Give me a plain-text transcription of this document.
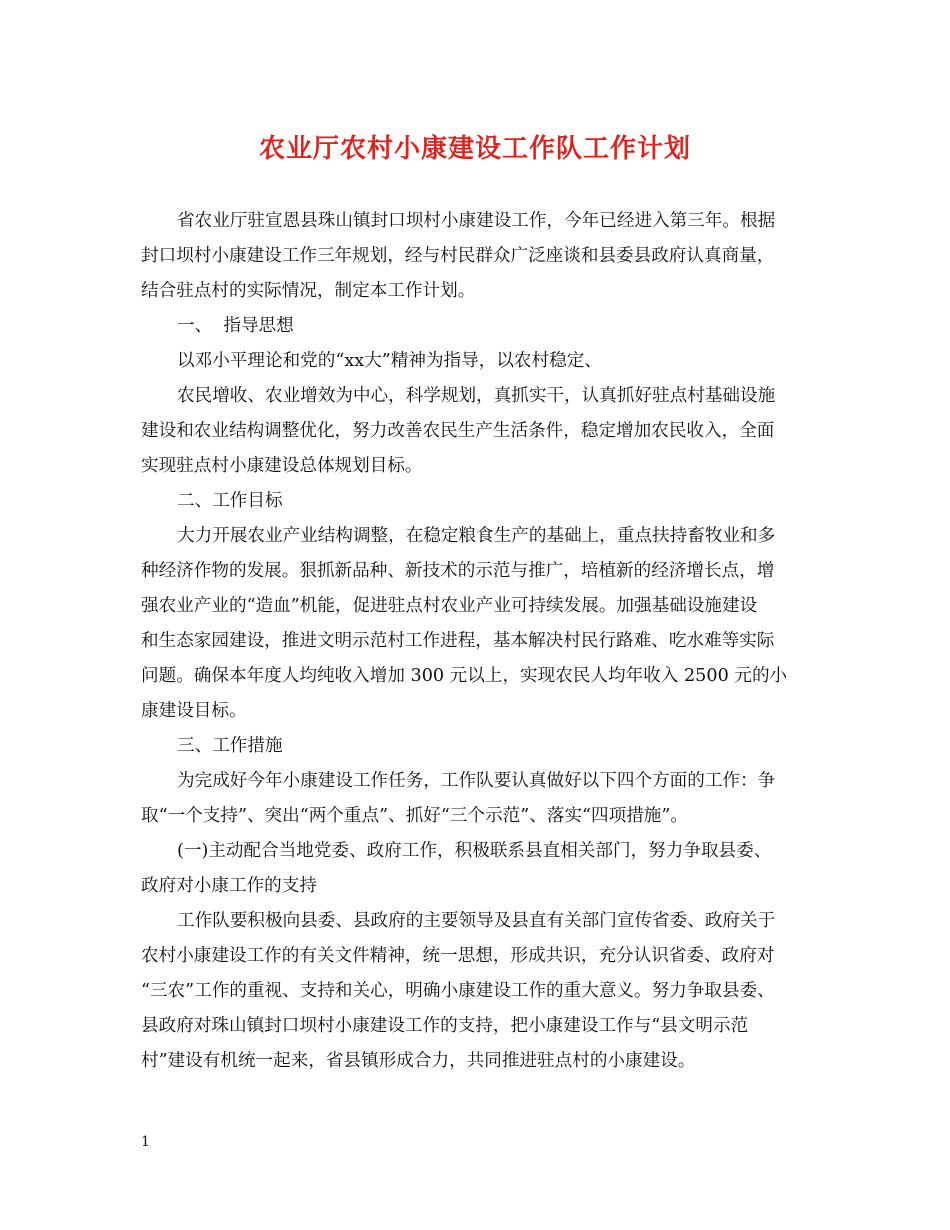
农业厅农村小康建设工作队工作计划
省农业厅驻宣恩县珠山镇封口坝村小康建设工作，今年已经进入第三年。根据
封口坝村小康建设工作三年规划，经与村民群众广泛座谈和县委县政府认真商量，
结合驻点村的实际情况，制定本工作计划。
一、  指导思想
以邓小平理论和党的“xx大”精神为指导，以农村稳定、
农民增收、农业增效为中心，科学规划，真抓实干，认真抓好驻点村基础设施
建设和农业结构调整优化，努力改善农民生产生活条件，稳定增加农民收入，全面
实现驻点村小康建设总体规划目标。
二、工作目标
大力开展农业产业结构调整，在稳定粮食生产的基础上，重点扶持畜牧业和多
种经济作物的发展。狠抓新品种、新技术的示范与推广，培植新的经济增长点，增
强农业产业的“造血”机能，促进驻点村农业产业可持续发展。加强基础设施建设
和生态家园建设，推进文明示范村工作进程，基本解决村民行路难、吃水难等实际
问题。确保本年度人均纯收入增加 300 元以上，实现农民人均年收入 2500 元的小
康建设目标。
三、工作措施
为完成好今年小康建设工作任务，工作队要认真做好以下四个方面的工作：争
取“一个支持”、突出“两个重点”、抓好“三个示范”、落实“四项措施”。
(一)主动配合当地党委、政府工作，积极联系县直相关部门，努力争取县委、
政府对小康工作的支持
工作队要积极向县委、县政府的主要领导及县直有关部门宣传省委、政府关于
农村小康建设工作的有关文件精神，统一思想，形成共识，充分认识省委、政府对
“三农”工作的重视、支持和关心，明确小康建设工作的重大意义。努力争取县委、
县政府对珠山镇封口坝村小康建设工作的支持，把小康建设工作与“县文明示范
村”建设有机统一起来，省县镇形成合力，共同推进驻点村的小康建设。
1
